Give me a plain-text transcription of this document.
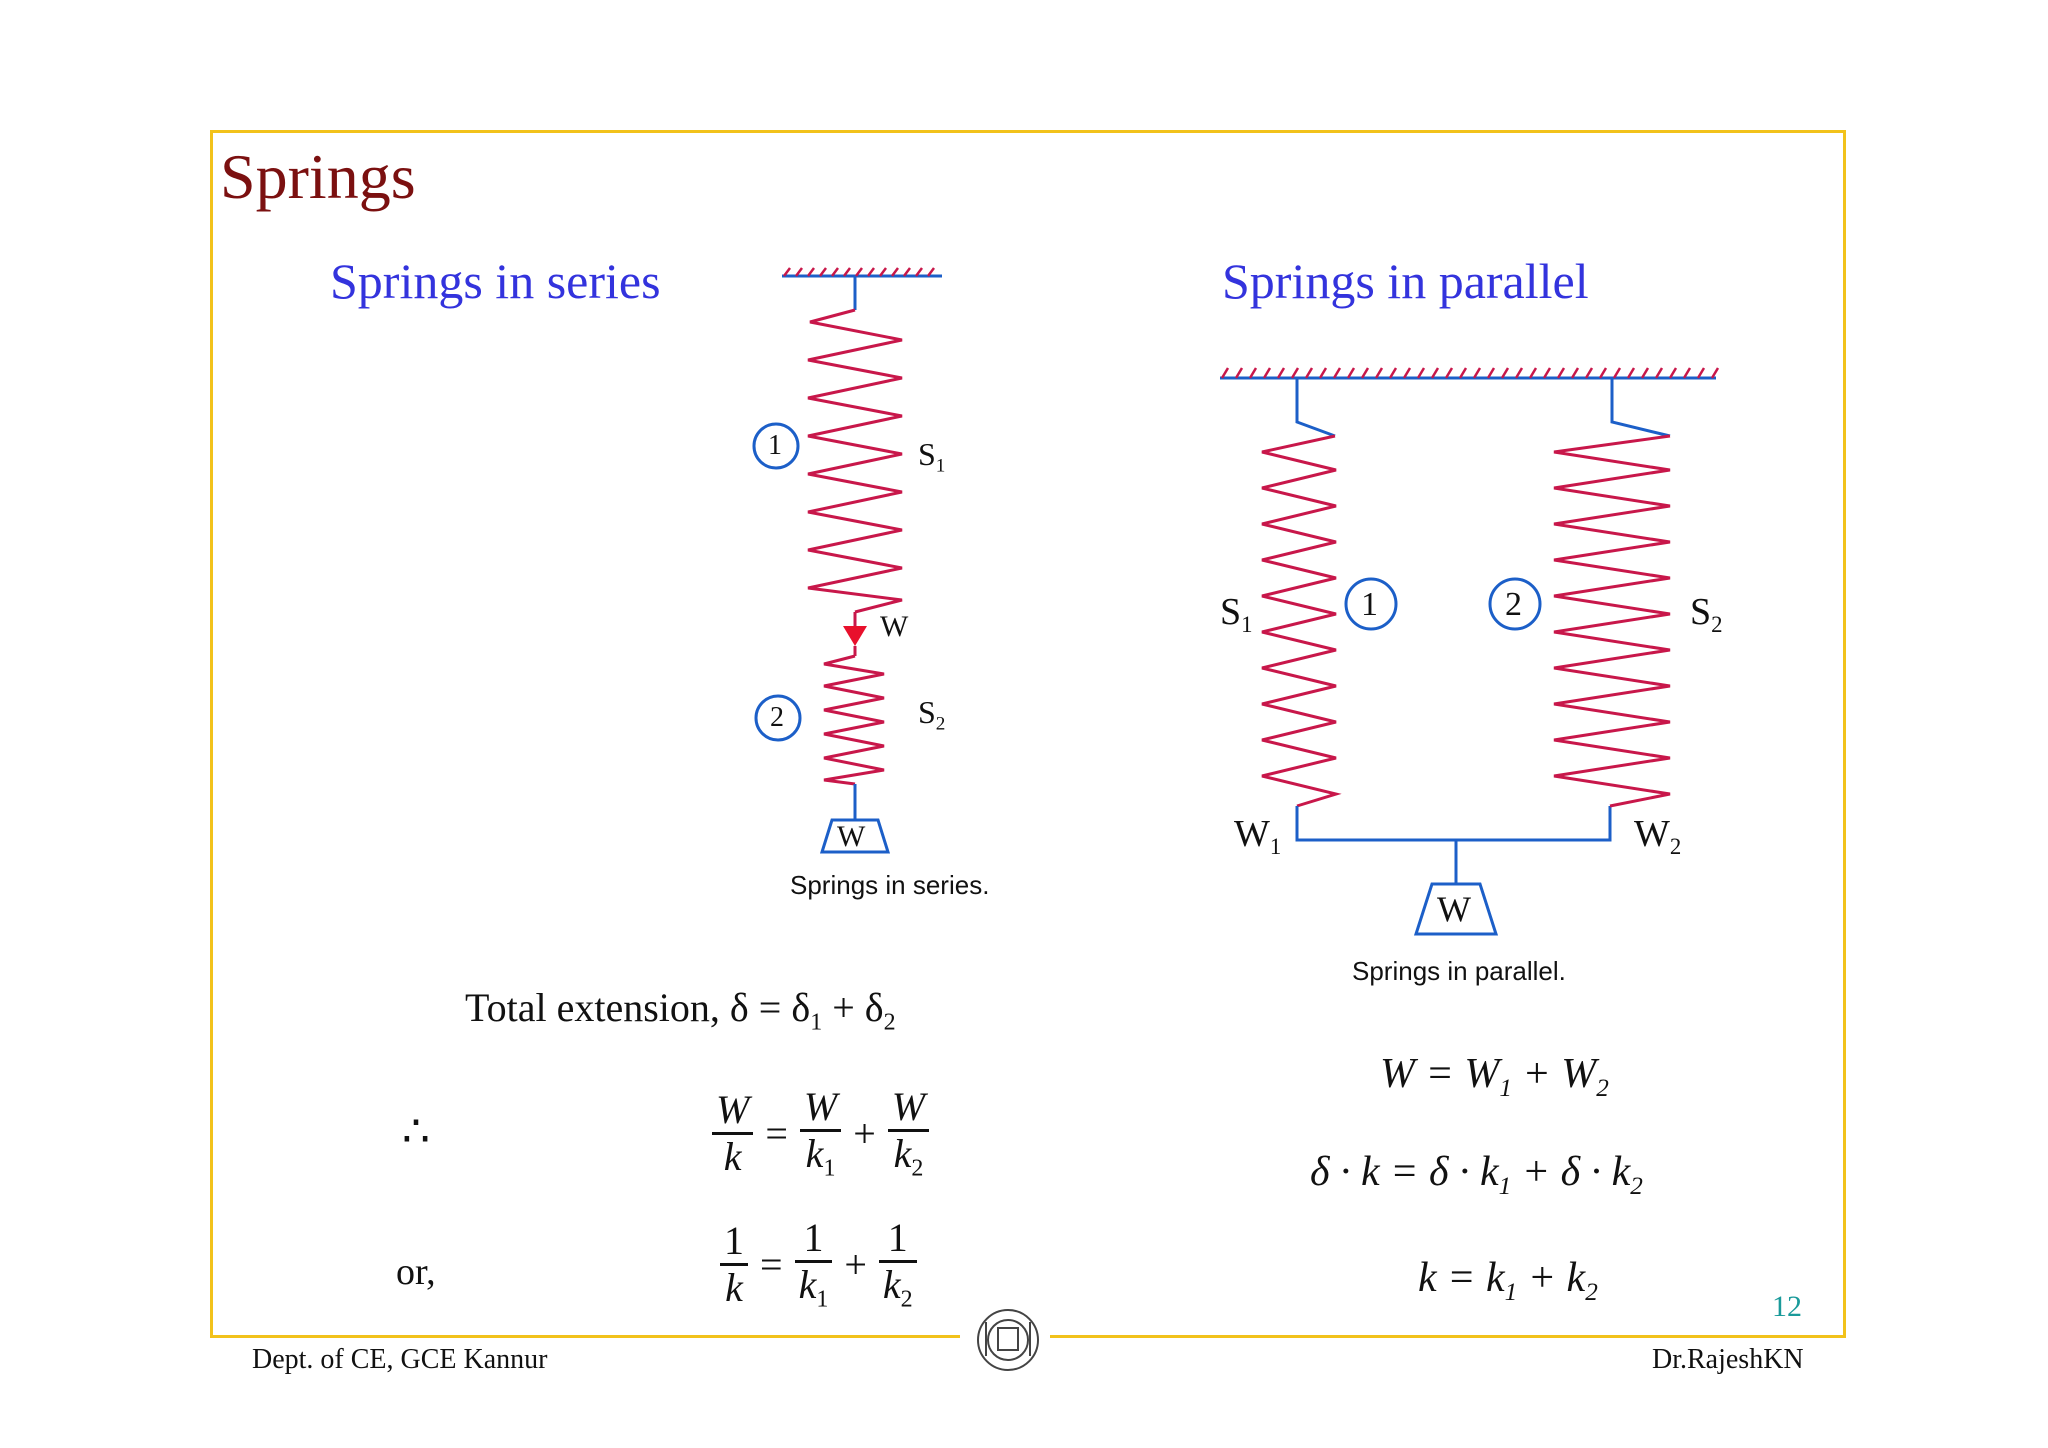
Springs
Springs in series	Springs in parallel
1
2
$S_1$
$S_2$
W
W
Springs in series.
1	2
$S_1$	$S_2$
$W_1$	$W_2$
W
Springs in parallel.
Total extension, $\delta = \delta_1 + \delta_2$
∴	$\frac{W}{k} = \frac{W}{k_1} + \frac{W}{k_2}$
or,	$\frac{1}{k} = \frac{1}{k_1} + \frac{1}{k_2}$
$W = W_1 + W_2$
$\delta \cdot k = \delta \cdot k_1 + \delta \cdot k_2$
$k = k_1 + k_2$	12
Dept. of CE, GCE Kannur	Dr.RajeshKN
